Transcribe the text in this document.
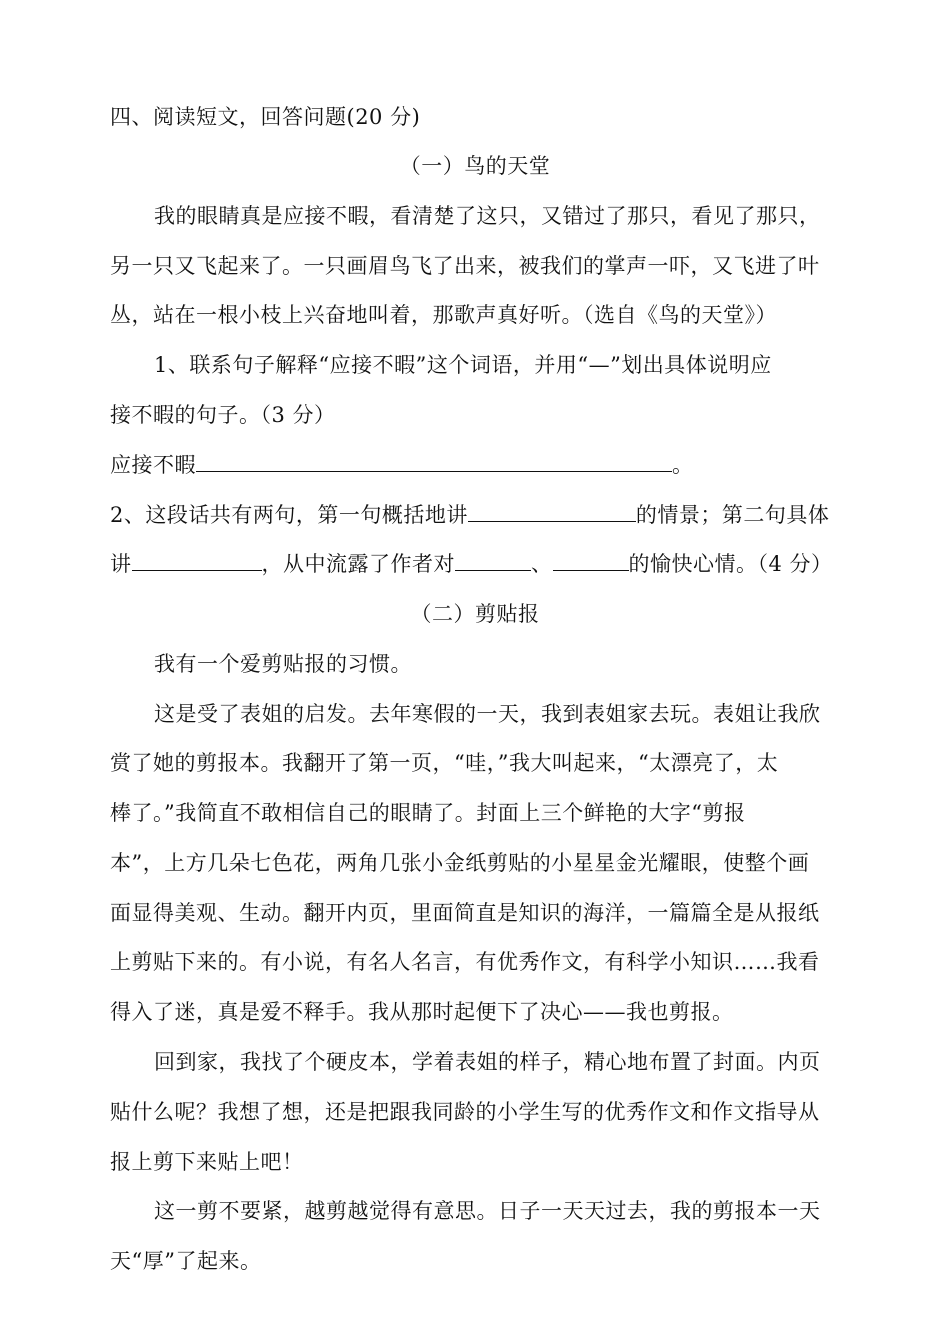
四、阅读短文，回答问题(20 分)
（一）鸟的天堂
我的眼睛真是应接不暇，看清楚了这只，又错过了那只，看见了那只，
另一只又飞起来了。一只画眉鸟飞了出来，被我们的掌声一吓，又飞进了叶
丛，站在一根小枝上兴奋地叫着，那歌声真好听。（选自《鸟的天堂》）
1、联系句子解释“应接不暇”这个词语，并用“—”划出具体说明应
接不暇的句子。（3 分）
应接不暇	。
2、这段话共有两句，第一句概括地讲	的情景；第二句具体
讲	，从中流露了作者对	、	的愉快心情。（4 分）
（二）剪贴报
我有一个爱剪贴报的习惯。
这是受了表姐的启发。去年寒假的一天，我到表姐家去玩。表姐让我欣
赏了她的剪报本。我翻开了第一页，“哇，”我大叫起来，“太漂亮了，太
棒了。”我简直不敢相信自己的眼睛了。封面上三个鲜艳的大字“剪报
本”，上方几朵七色花，两角几张小金纸剪贴的小星星金光耀眼，使整个画
面显得美观、生动。翻开内页，里面简直是知识的海洋，一篇篇全是从报纸
上剪贴下来的。有小说，有名人名言，有优秀作文，有科学小知识……我看
得入了迷，真是爱不释手。我从那时起便下了决心——我也剪报。
回到家，我找了个硬皮本，学着表姐的样子，精心地布置了封面。内页
贴什么呢？我想了想，还是把跟我同龄的小学生写的优秀作文和作文指导从
报上剪下来贴上吧！
这一剪不要紧，越剪越觉得有意思。日子一天天过去，我的剪报本一天
天“厚”了起来。
